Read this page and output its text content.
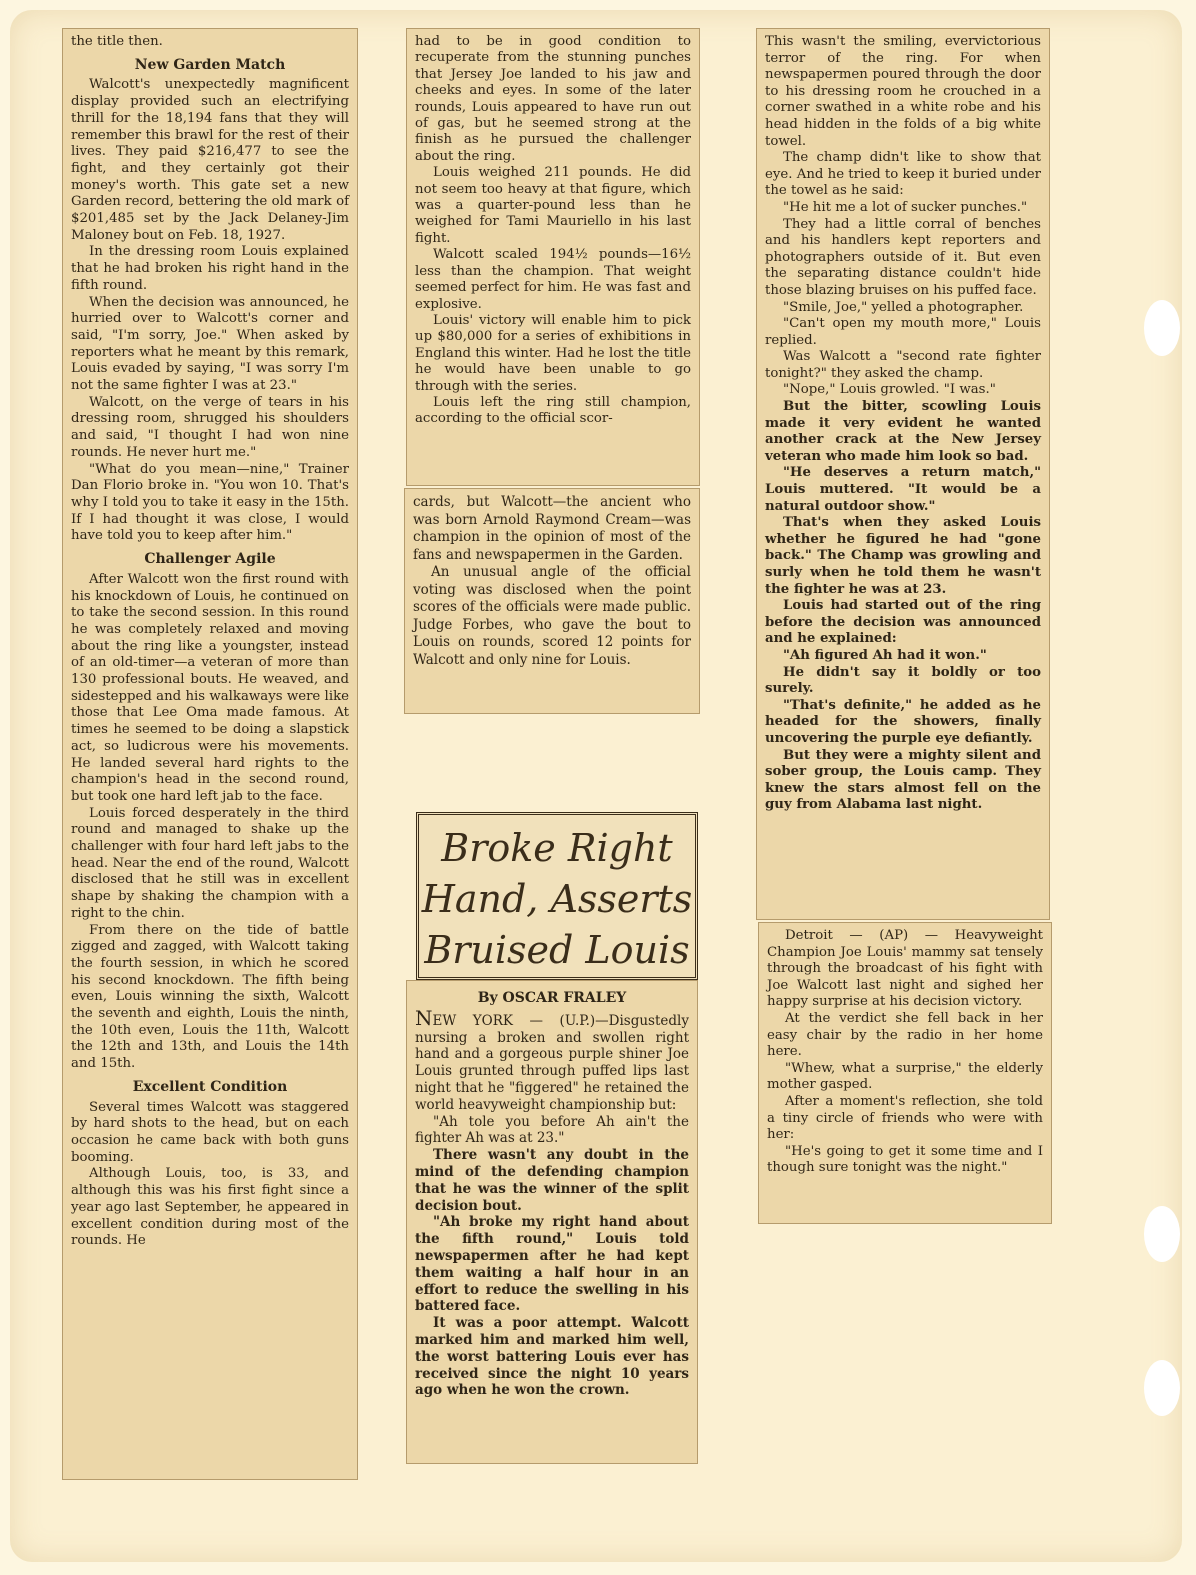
the title then.

New Garden Match

Walcott's unexpectedly magnificent display provided such an electrifying thrill for the 18,194 fans that they will remember this brawl for the rest of their lives. They paid $216,477 to see the fight, and they certainly got their money's worth. This gate set a new Garden record, bettering the old mark of $201,485 set by the Jack Delaney-Jim Maloney bout on Feb. 18, 1927.

In the dressing room Louis explained that he had broken his right hand in the fifth round.

When the decision was announced, he hurried over to Walcott's corner and said, "I'm sorry, Joe." When asked by reporters what he meant by this remark, Louis evaded by saying, "I was sorry I'm not the same fighter I was at 23."

Walcott, on the verge of tears in his dressing room, shrugged his shoulders and said, "I thought I had won nine rounds. He never hurt me."

"What do you mean—nine," Trainer Dan Florio broke in. "You won 10. That's why I told you to take it easy in the 15th. If I had thought it was close, I would have told you to keep after him."

Challenger Agile

After Walcott won the first round with his knockdown of Louis, he continued on to take the second session. In this round he was completely relaxed and moving about the ring like a youngster, instead of an old-timer—a veteran of more than 130 professional bouts. He weaved, and sidestepped and his walkaways were like those that Lee Oma made famous. At times he seemed to be doing a slapstick act, so ludicrous were his movements. He landed several hard rights to the champion's head in the second round, but took one hard left jab to the face.

Louis forced desperately in the third round and managed to shake up the challenger with four hard left jabs to the head. Near the end of the round, Walcott disclosed that he still was in excellent shape by shaking the champion with a right to the chin.

From there on the tide of battle zigged and zagged, with Walcott taking the fourth session, in which he scored his second knockdown. The fifth being even, Louis winning the sixth, Walcott the seventh and eighth, Louis the ninth, the 10th even, Louis the 11th, Walcott the 12th and 13th, and Louis the 14th and 15th.

Excellent Condition

Several times Walcott was staggered by hard shots to the head, but on each occasion he came back with both guns booming.

Although Louis, too, is 33, and although this was his first fight since a year ago last September, he appeared in excellent condition during most of the rounds. He

had to be in good condition to recuperate from the stunning punches that Jersey Joe landed to his jaw and cheeks and eyes. In some of the later rounds, Louis appeared to have run out of gas, but he seemed strong at the finish as he pursued the challenger about the ring.

Louis weighed 211 pounds. He did not seem too heavy at that figure, which was a quarter-pound less than he weighed for Tami Mauriello in his last fight.

Walcott scaled 194½ pounds—16½ less than the champion. That weight seemed perfect for him. He was fast and explosive.

Louis' victory will enable him to pick up $80,000 for a series of exhibitions in England this winter. Had he lost the title he would have been unable to go through with the series.

Louis left the ring still champion, according to the official scor-

cards, but Walcott—the ancient who was born Arnold Raymond Cream—was champion in the opinion of most of the fans and newspapermen in the Garden.

An unusual angle of the official voting was disclosed when the point scores of the officials were made public. Judge Forbes, who gave the bout to Louis on rounds, scored 12 points for Walcott and only nine for Louis.

Broke Right
Hand, Asserts
Bruised Louis
By OSCAR FRALEY

NEW YORK — (U.P.)—Disgustedly nursing a broken and swollen right hand and a gorgeous purple shiner Joe Louis grunted through puffed lips last night that he "figgered" he retained the world heavyweight championship but:

"Ah tole you before Ah ain't the fighter Ah was at 23."

There wasn't any doubt in the mind of the defending champion that he was the winner of the split decision bout.

"Ah broke my right hand about the fifth round," Louis told newspapermen after he had kept them waiting a half hour in an effort to reduce the swelling in his battered face.

It was a poor attempt. Walcott marked him and marked him well, the worst battering Louis ever has received since the night 10 years ago when he won the crown.

This wasn't the smiling, evervictorious terror of the ring. For when newspapermen poured through the door to his dressing room he crouched in a corner swathed in a white robe and his head hidden in the folds of a big white towel.

The champ didn't like to show that eye. And he tried to keep it buried under the towel as he said:

"He hit me a lot of sucker punches."

They had a little corral of benches and his handlers kept reporters and photographers outside of it. But even the separating distance couldn't hide those blazing bruises on his puffed face.

"Smile, Joe," yelled a photographer.

"Can't open my mouth more," Louis replied.

Was Walcott a "second rate fighter tonight?" they asked the champ.

"Nope," Louis growled. "I was."

But the bitter, scowling Louis made it very evident he wanted another crack at the New Jersey veteran who made him look so bad.

"He deserves a return match," Louis muttered. "It would be a natural outdoor show."

That's when they asked Louis whether he figured he had "gone back." The Champ was growling and surly when he told them he wasn't the fighter he was at 23.

Louis had started out of the ring before the decision was announced and he explained:

"Ah figured Ah had it won."

He didn't say it boldly or too surely.

"That's definite," he added as he headed for the showers, finally uncovering the purple eye defiantly.

But they were a mighty silent and sober group, the Louis camp. They knew the stars almost fell on the guy from Alabama last night.

Detroit — (AP) — Heavyweight Champion Joe Louis' mammy sat tensely through the broadcast of his fight with Joe Walcott last night and sighed her happy surprise at his decision victory.

At the verdict she fell back in her easy chair by the radio in her home here.

"Whew, what a surprise," the elderly mother gasped.

After a moment's reflection, she told a tiny circle of friends who were with her:

"He's going to get it some time and I though sure tonight was the night."
